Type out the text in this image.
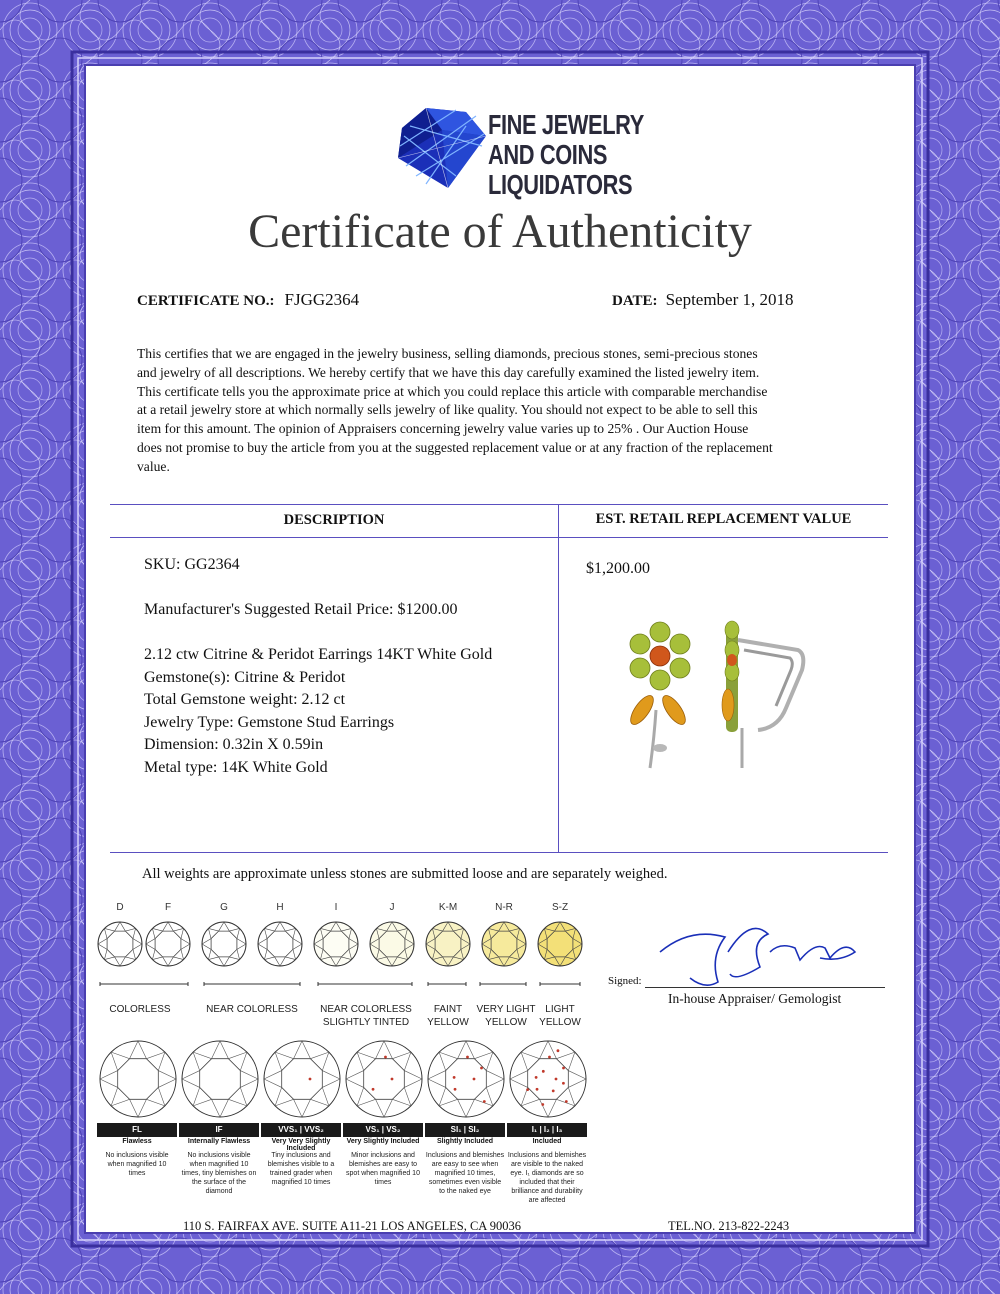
FINE JEWELRY
AND COINS
LIQUIDATORS
Certificate of Authenticity
CERTIFICATE NO.: FJGG2364	DATE: September 1, 2018
This certifies that we are engaged in the jewelry business, selling diamonds, precious stones, semi-precious stones
and jewelry of all descriptions. We hereby certify that we have this day carefully examined the listed jewelry item.
This certificate tells you the approximate price at which you could replace this article with comparable merchandise
at a retail jewelry store at which normally sells jewelry of like quality. You should not expect to be able to sell this
item for this amount. The opinion of Appraisers concerning jewelry value varies up to 25% . Our Auction House
does not promise to buy the article from you at the suggested replacement value or at any fraction of the replacement
value.
DESCRIPTION	EST. RETAIL REPLACEMENT VALUE
SKU: GG2364
Manufacturer's Suggested Retail Price: $1200.00
2.12 ctw Citrine & Peridot Earrings 14KT White Gold
Gemstone(s): Citrine & Peridot
Total Gemstone weight: 2.12 ct
Jewelry Type: Gemstone Stud Earrings
Dimension: 0.32in X 0.59in
Metal type: 14K White Gold
$1,200.00
All weights are approximate unless stones are submitted loose and are separately weighed.
D	F	G	H	I	J	K-M	N-R	S-Z
COLORLESS	NEAR COLORLESS NEAR COLORLESS
SLIGHTLY TINTED
FAINT
YELLOW
VERY LIGHT
YELLOW
LIGHT
YELLOW
FL
Flawless
No inclusions visible
when magnified 10
times
IF
Internally Flawless
No inclusions visible
when magnified 10
times, tiny blemishes on
the surface of the
diamond
VVS₁ | VVS₂
Very Very Slightly Included
Tiny inclusions and
blemishes visible to a
trained grader when
magnified 10 times
VS₁ | VS₂
Very Slightly Included
Minor inclusions and
blemishes are easy to
spot when magnified 10
times
SI₁ | SI₂
Slightly Included
Inclusions and blemishes
are easy to see when
magnified 10 times,
sometimes even visible
to the naked eye
I₁ | I₂ | I₃
Included
Inclusions and blemishes
are visible to the naked
eye. I₁ diamonds are so
included that their
brilliance and durability
are affected
Signed:
In-house Appraiser/ Gemologist
110 S. FAIRFAX AVE. SUITE A11-21 LOS ANGELES, CA 90036	TEL.NO. 213-822-2243
